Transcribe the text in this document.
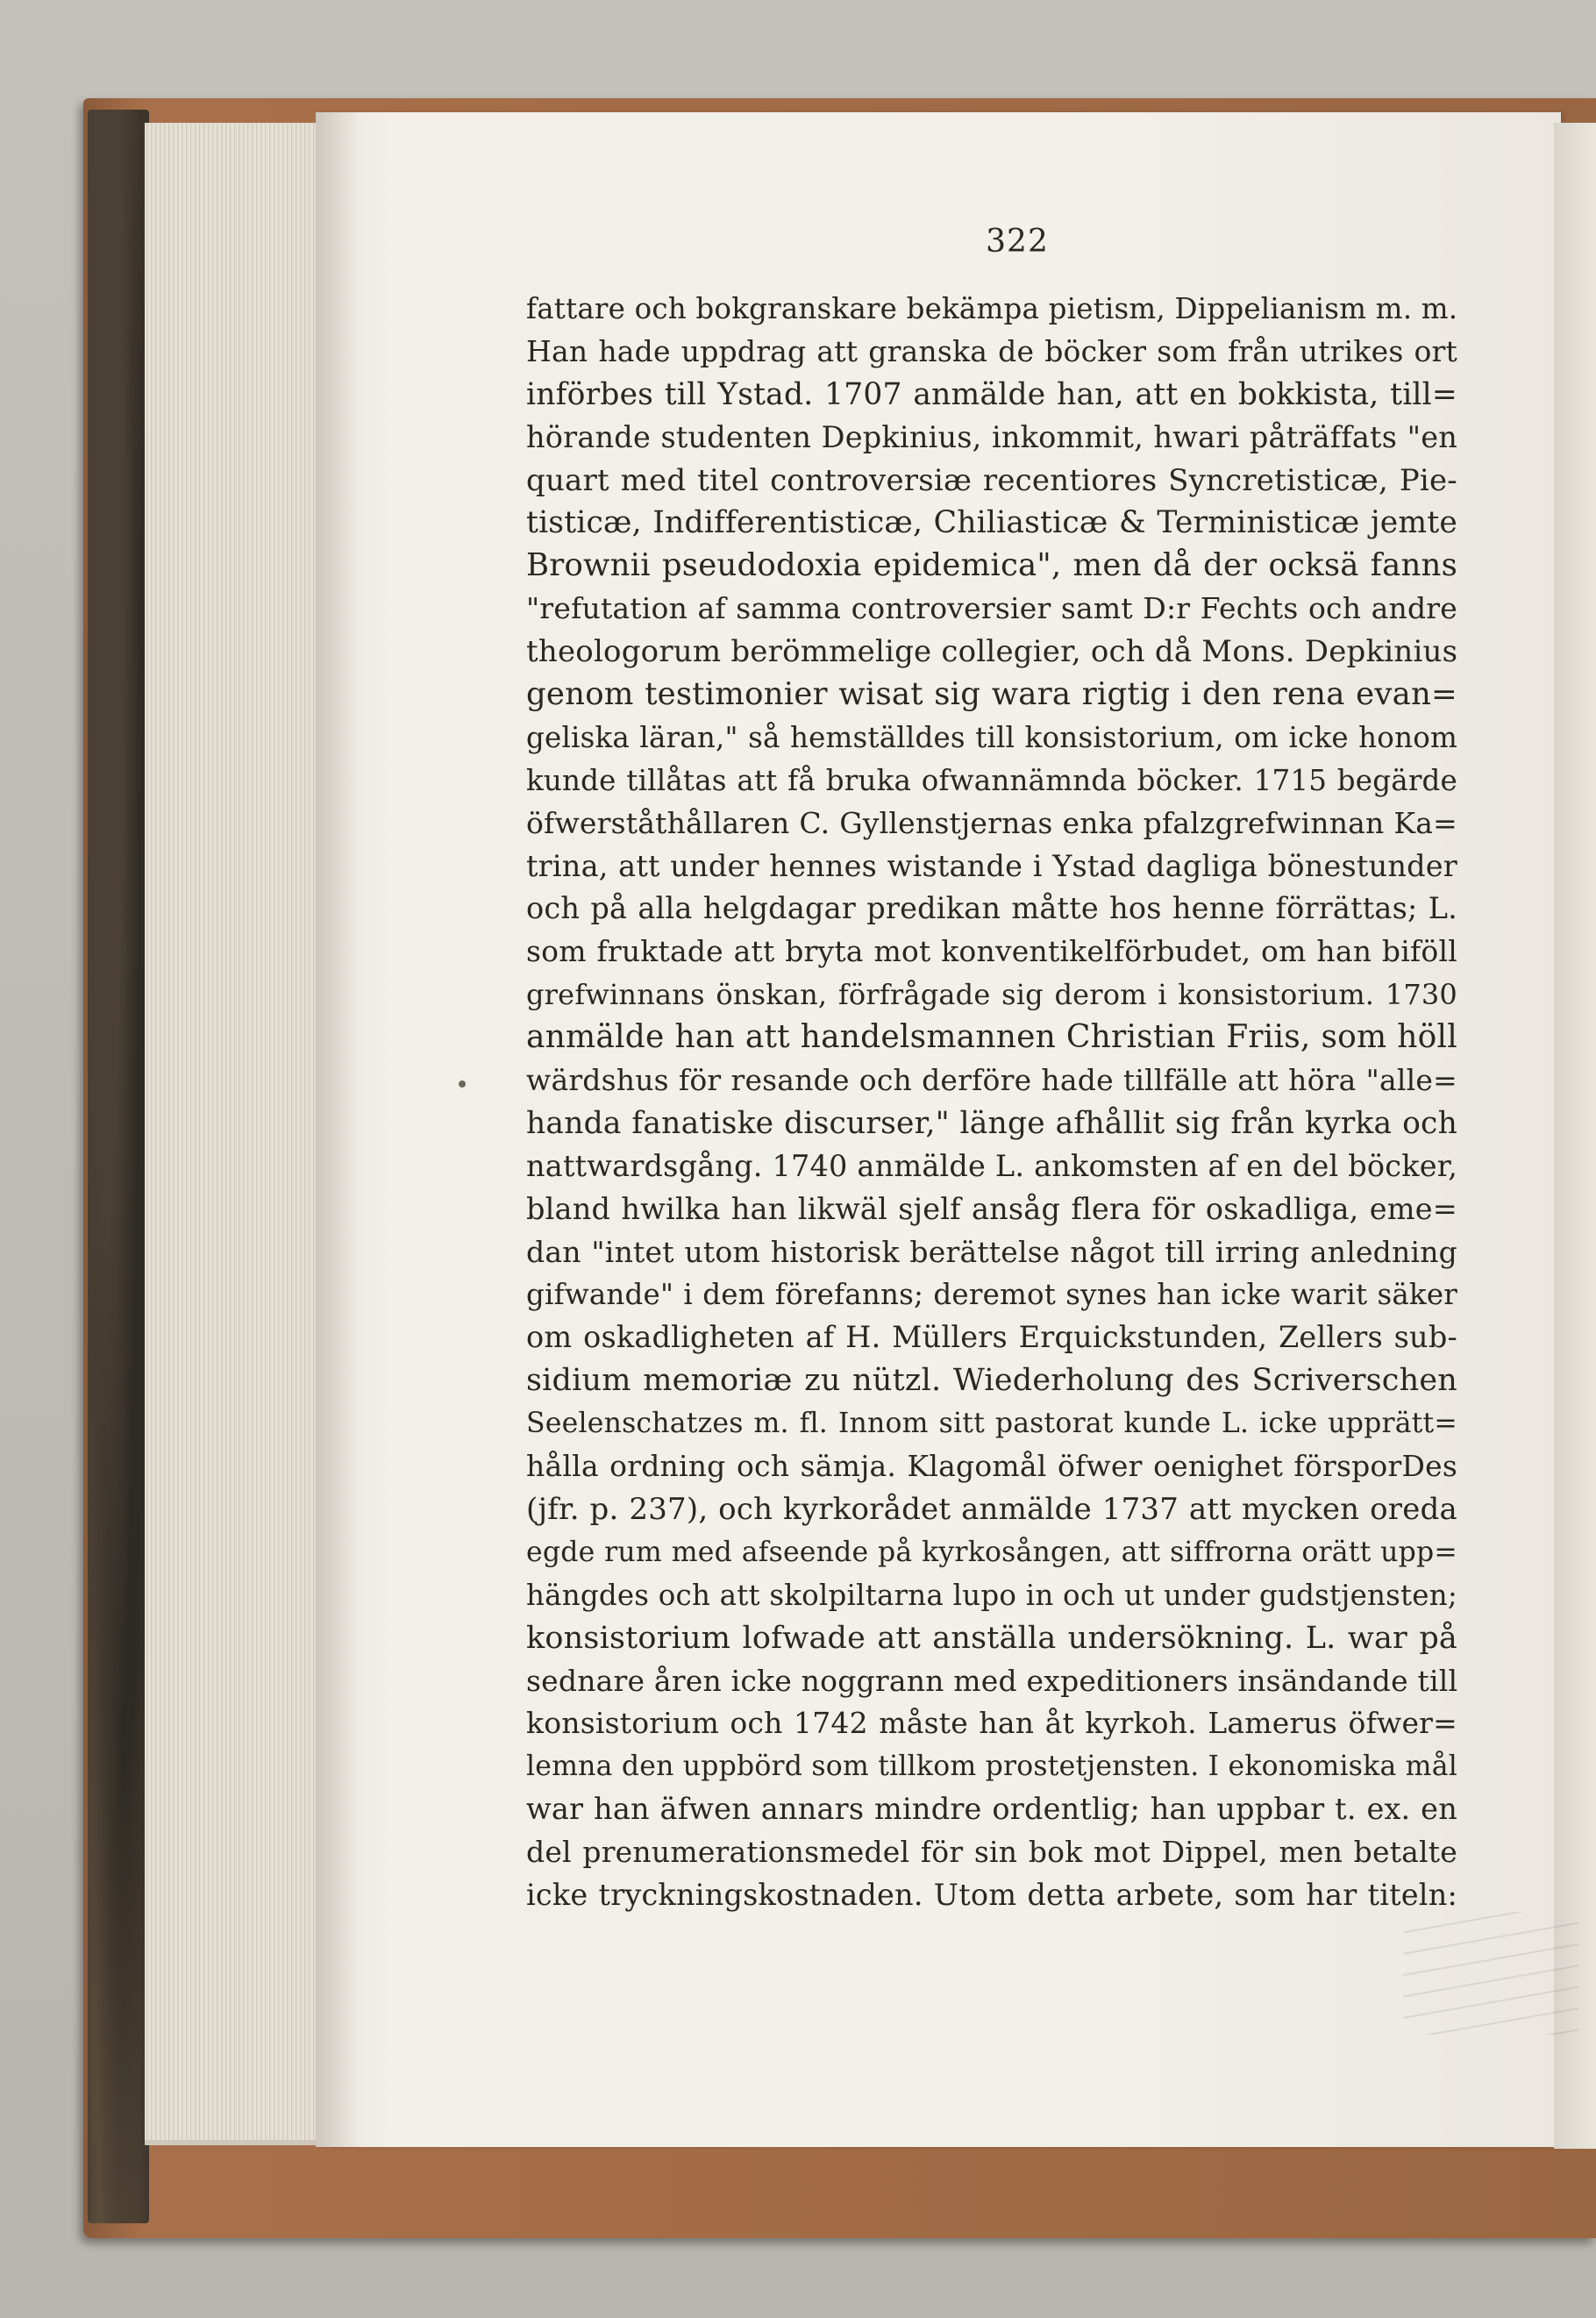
322
fattare och bokgranskare bekämpa pietism, Dippelianism m. m.
Han hade uppdrag att granska de böcker som från utrikes ort
införbes till Ystad. 1707 anmälde han, att en bokkista, till=
hörande studenten Depkinius, inkommit, hwari påträffats "en
quart med titel controversiæ recentiores Syncretisticæ, Pie-
tisticæ, Indifferentisticæ, Chiliasticæ & Terministicæ jemte
Brownii pseudodoxia epidemica", men då der ocksä fanns
"refutation af samma controversier samt D:r Fechts och andre
theologorum berömmelige collegier, och då Mons. Depkinius
genom testimonier wisat sig wara rigtig i den rena evan=
geliska läran," så hemställdes till konsistorium, om icke honom
kunde tillåtas att få bruka ofwannämnda böcker. 1715 begärde
öfwerståthållaren C. Gyllenstjernas enka pfalzgrefwinnan Ka=
trina, att under hennes wistande i Ystad dagliga bönestunder
och på alla helgdagar predikan måtte hos henne förrättas; L.
som fruktade att bryta mot konventikelförbudet, om han biföll
grefwinnans önskan, förfrågade sig derom i konsistorium. 1730
anmälde han att handelsmannen Christian Friis, som höll
wärdshus för resande och derföre hade tillfälle att höra "alle=
handa fanatiske discurser," länge afhållit sig från kyrka och
nattwardsgång. 1740 anmälde L. ankomsten af en del böcker,
bland hwilka han likwäl sjelf ansåg flera för oskadliga, eme=
dan "intet utom historisk berättelse något till irring anledning
gifwande" i dem förefanns; deremot synes han icke warit säker
om oskadligheten af H. Müllers Erquickstunden, Zellers sub-
sidium memoriæ zu nützl. Wiederholung des Scriverschen
Seelenschatzes m. fl. Innom sitt pastorat kunde L. icke upprätt=
hålla ordning och sämja. Klagomål öfwer oenighet försporDes
(jfr. p. 237), och kyrkorådet anmälde 1737 att mycken oreda
egde rum med afseende på kyrkosången, att siffrorna orätt upp=
hängdes och att skolpiltarna lupo in och ut under gudstjensten;
konsistorium lofwade att anställa undersökning. L. war på
sednare åren icke noggrann med expeditioners insändande till
konsistorium och 1742 måste han åt kyrkoh. Lamerus öfwer=
lemna den uppbörd som tillkom prostetjensten. I ekonomiska mål
war han äfwen annars mindre ordentlig; han uppbar t. ex. en
del prenumerationsmedel för sin bok mot Dippel, men betalte
icke tryckningskostnaden. Utom detta arbete, som har titeln:
